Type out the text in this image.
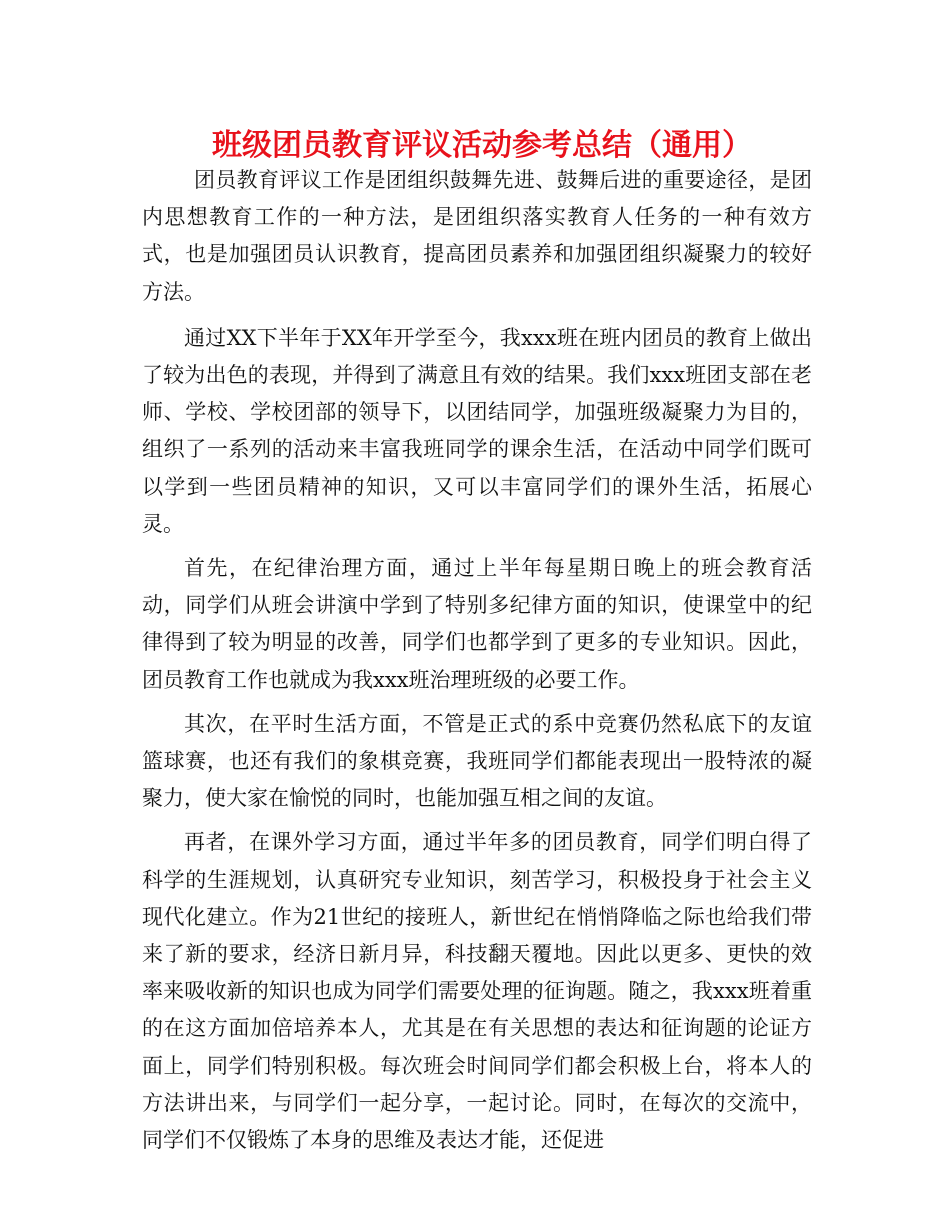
班级团员教育评议活动参考总结（通用）

团员教育评议工作是团组织鼓舞先进、鼓舞后进的重要途径，是团内思想教育工作的一种方法，是团组织落实教育人任务的一种有效方式，也是加强团员认识教育，提高团员素养和加强团组织凝聚力的较好方法。

通过XX下半年于XX年开学至今，我xxx班在班内团员的教育上做出了较为出色的表现，并得到了满意且有效的结果。我们xxx班团支部在老师、学校、学校团部的领导下，以团结同学，加强班级凝聚力为目的，组织了一系列的活动来丰富我班同学的课余生活，在活动中同学们既可以学到一些团员精神的知识，又可以丰富同学们的课外生活，拓展心灵。

首先，在纪律治理方面，通过上半年每星期日晚上的班会教育活动，同学们从班会讲演中学到了特别多纪律方面的知识，使课堂中的纪律得到了较为明显的改善，同学们也都学到了更多的专业知识。因此，团员教育工作也就成为我xxx班治理班级的必要工作。

其次，在平时生活方面，不管是正式的系中竞赛仍然私底下的友谊篮球赛，也还有我们的象棋竞赛，我班同学们都能表现出一股特浓的凝聚力，使大家在愉悦的同时，也能加强互相之间的友谊。

再者，在课外学习方面，通过半年多的团员教育，同学们明白得了科学的生涯规划，认真研究专业知识，刻苦学习，积极投身于社会主义现代化建立。作为21世纪的接班人，新世纪在悄悄降临之际也给我们带来了新的要求，经济日新月异，科技翻天覆地。因此以更多、更快的效率来吸收新的知识也成为同学们需要处理的征询题。随之，我xxx班着重的在这方面加倍培养本人，尤其是在有关思想的表达和征询题的论证方面上，同学们特别积极。每次班会时间同学们都会积极上台，将本人的方法讲出来，与同学们一起分享，一起讨论。同时，在每次的交流中，同学们不仅锻炼了本身的思维及表达才能，还促进
